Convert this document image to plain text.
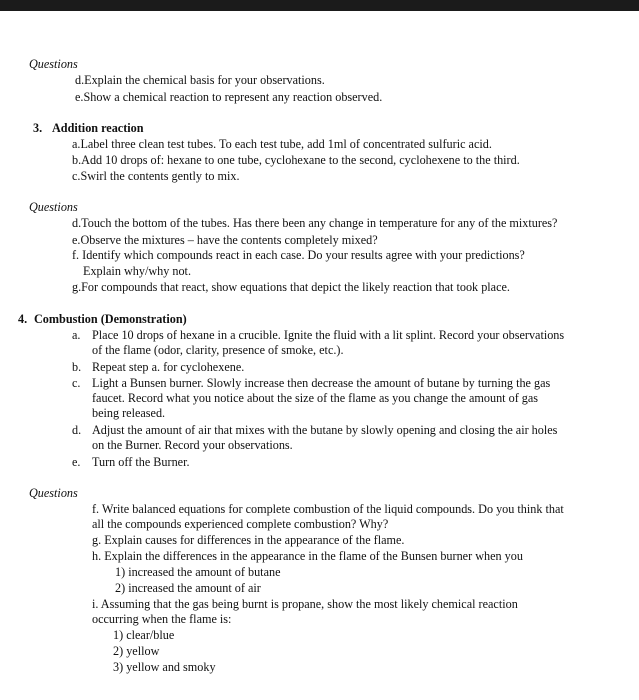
Questions
d.Explain the chemical basis for your observations.
e.Show a chemical reaction to represent any reaction observed.
3. Addition reaction
a.Label three clean test tubes. To each test tube, add 1ml of concentrated sulfuric acid.
b.Add 10 drops of: hexane to one tube, cyclohexane to the second, cyclohexene to the third.
c.Swirl the contents gently to mix.
Questions
d.Touch the bottom of the tubes. Has there been any change in temperature for any of the mixtures?
e.Observe the mixtures – have the contents completely mixed?
f. Identify which compounds react in each case. Do your results agree with your predictions?
Explain why/why not.
g.For compounds that react, show equations that depict the likely reaction that took place.
4. Combustion (Demonstration)
a. Place 10 drops of hexane in a crucible. Ignite the fluid with a lit splint. Record your observations
of the flame (odor, clarity, presence of smoke, etc.).
b. Repeat step a. for cyclohexene.
c. Light a Bunsen burner. Slowly increase then decrease the amount of butane by turning the gas
faucet. Record what you notice about the size of the flame as you change the amount of gas
being released.
d. Adjust the amount of air that mixes with the butane by slowly opening and closing the air holes
on the Burner. Record your observations.
e. Turn off the Burner.
Questions
f. Write balanced equations for complete combustion of the liquid compounds. Do you think that
all the compounds experienced complete combustion? Why?
g. Explain causes for differences in the appearance of the flame.
h. Explain the differences in the appearance in the flame of the Bunsen burner when you
1) increased the amount of butane
2) increased the amount of air
i. Assuming that the gas being burnt is propane, show the most likely chemical reaction
occurring when the flame is:
1) clear/blue
2) yellow
3) yellow and smoky
